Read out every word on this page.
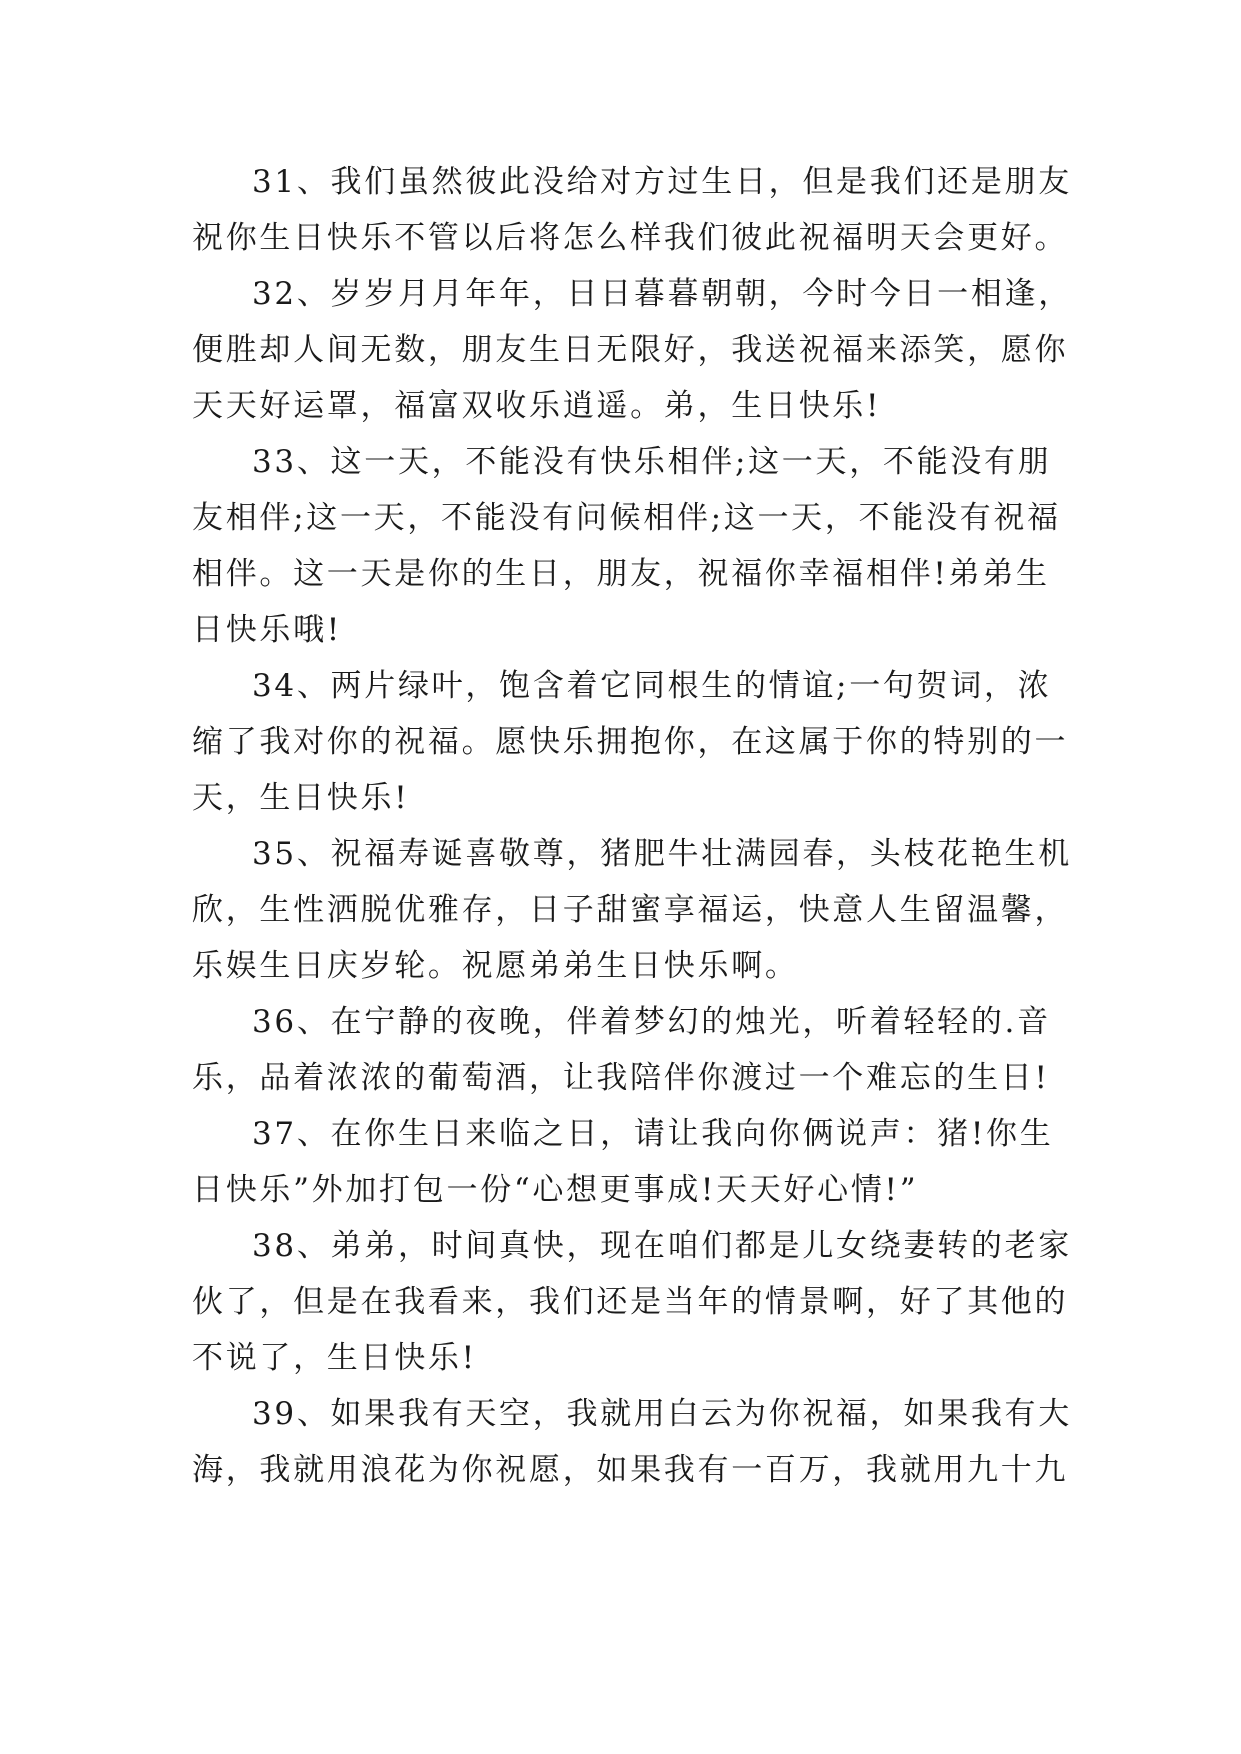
31、我们虽然彼此没给对方过生日，但是我们还是朋友
祝你生日快乐不管以后将怎么样我们彼此祝福明天会更好。
32、岁岁月月年年，日日暮暮朝朝，今时今日一相逢，
便胜却人间无数，朋友生日无限好，我送祝福来添笑，愿你
天天好运罩，福富双收乐逍遥。弟，生日快乐!
33、这一天，不能没有快乐相伴;这一天，不能没有朋
友相伴;这一天，不能没有问候相伴;这一天，不能没有祝福
相伴。这一天是你的生日，朋友，祝福你幸福相伴!弟弟生
日快乐哦!
34、两片绿叶，饱含着它同根生的情谊;一句贺词，浓
缩了我对你的祝福。愿快乐拥抱你，在这属于你的特别的一
天，生日快乐!
35、祝福寿诞喜敬尊，猪肥牛壮满园春，头枝花艳生机
欣，生性洒脱优雅存，日子甜蜜享福运，快意人生留温馨，
乐娱生日庆岁轮。祝愿弟弟生日快乐啊。
36、在宁静的夜晚，伴着梦幻的烛光，听着轻轻的.音
乐，品着浓浓的葡萄酒，让我陪伴你渡过一个难忘的生日!
37、在你生日来临之日，请让我向你俩说声：猪!你生
日快乐”外加打包一份“心想更事成!天天好心情!”
38、弟弟，时间真快，现在咱们都是儿女绕妻转的老家
伙了，但是在我看来，我们还是当年的情景啊，好了其他的
不说了，生日快乐!
39、如果我有天空，我就用白云为你祝福，如果我有大
海，我就用浪花为你祝愿，如果我有一百万，我就用九十九
